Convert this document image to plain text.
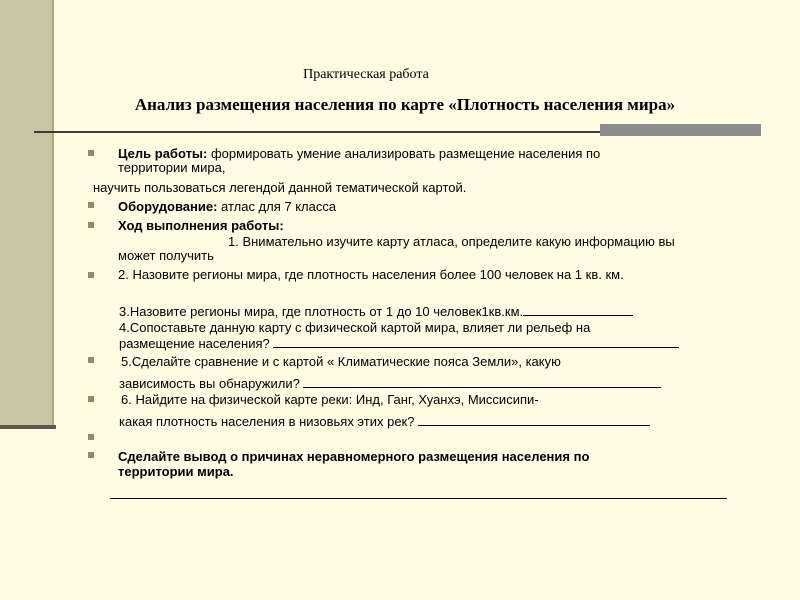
Практическая работа
Анализ размещения населения по карте «Плотность населения мира»
Цель работы: формировать умение анализировать размещение населения по
территории мира,
научить пользоваться легендой данной тематической картой.
Оборудование: атлас для 7 класса
Ход выполнения работы:
1. Внимательно изучите карту атласа, определите какую информацию вы
может получить
2. Назовите регионы мира, где плотность населения более 100 человек на 1 кв. км.
3.Назовите регионы мира, где плотность от 1 до 10 человек1кв.км.
4.Сопоставьте данную карту с физической картой мира, влияет ли рельеф на
размещение населения?
5.Сделайте сравнение и с картой « Климатические пояса Земли», какую
зависимость вы обнаружили?
6. Найдите на физической карте реки: Инд, Ганг, Хуанхэ, Миссисипи-
какая плотность населения в низовьях этих рек?
Сделайте вывод о причинах неравномерного размещения населения по
территории мира.
